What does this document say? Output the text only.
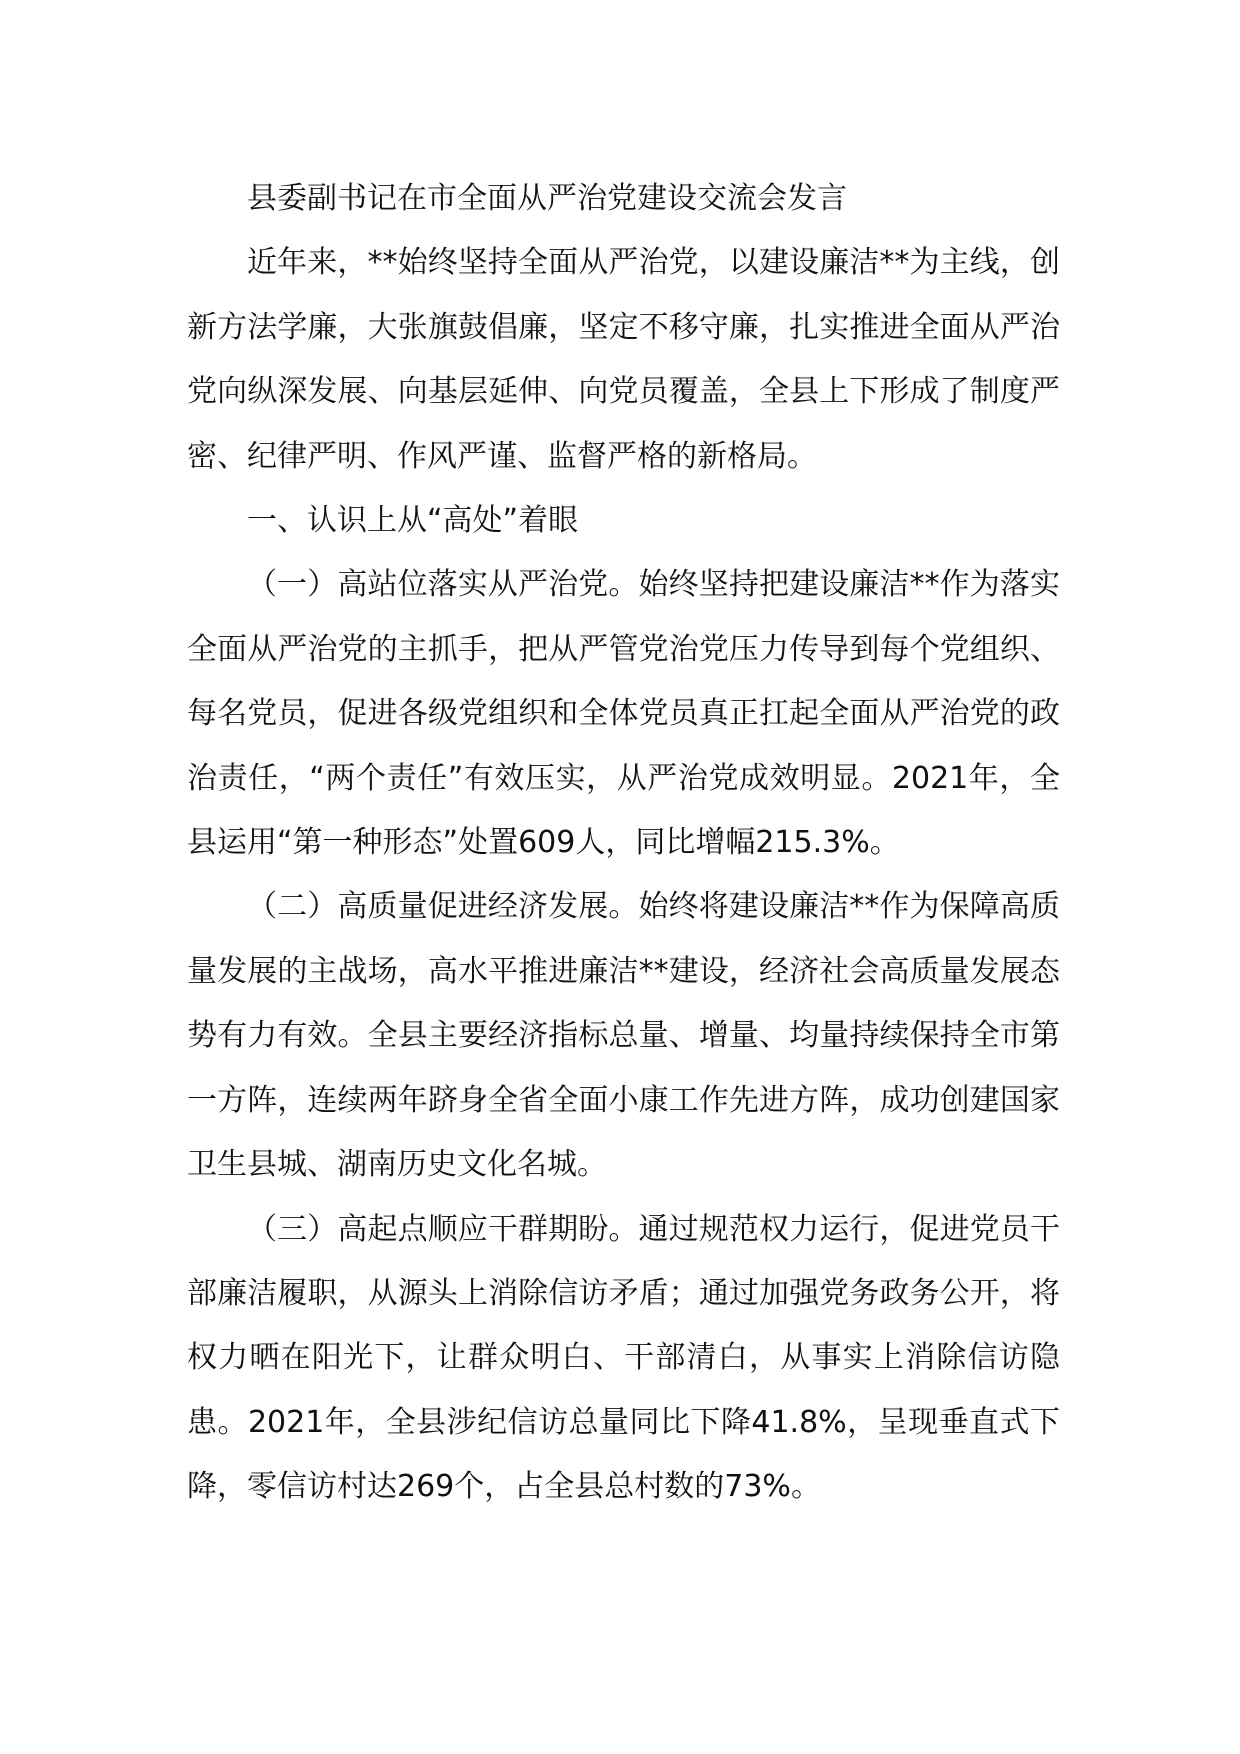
县委副书记在市全面从严治党建设交流会发言

近年来，**始终坚持全面从严治党，以建设廉洁**为主线，创新方法学廉，大张旗鼓倡廉，坚定不移守廉，扎实推进全面从严治党向纵深发展、向基层延伸、向党员覆盖，全县上下形成了制度严密、纪律严明、作风严谨、监督严格的新格局。

一、认识上从“高处”着眼

（一）高站位落实从严治党。始终坚持把建设廉洁**作为落实全面从严治党的主抓手，把从严管党治党压力传导到每个党组织、每名党员，促进各级党组织和全体党员真正扛起全面从严治党的政治责任，“两个责任”有效压实，从严治党成效明显。2021年，全县运用“第一种形态”处置609人，同比增幅215.3%。

（二）高质量促进经济发展。始终将建设廉洁**作为保障高质量发展的主战场，高水平推进廉洁**建设，经济社会高质量发展态势有力有效。全县主要经济指标总量、增量、均量持续保持全市第一方阵，连续两年跻身全省全面小康工作先进方阵，成功创建国家卫生县城、湖南历史文化名城。

（三）高起点顺应干群期盼。通过规范权力运行，促进党员干部廉洁履职，从源头上消除信访矛盾；通过加强党务政务公开，将权力晒在阳光下，让群众明白、干部清白，从事实上消除信访隐患。2021年，全县涉纪信访总量同比下降41.8%，呈现垂直式下降，零信访村达269个，占全县总村数的73%。
